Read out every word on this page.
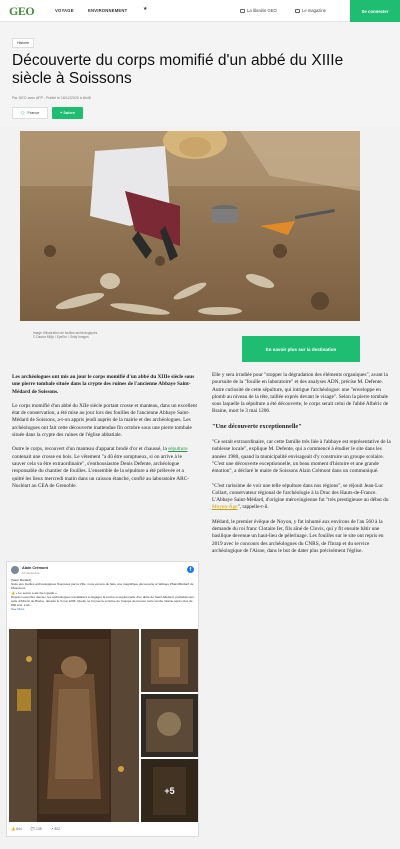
GEO	VOYAGE	ENVIRONNEMENT	★	La librairie GEO	Le magazine	Se connecter
Histoire
Découverte du corps momifié d'un abbé du XIIIe siècle à Soissons
Par GEO avec AFP - Publié le 18/12/2020 à 8h46
◇ France	+ Suivre
Image d'illustration de fouilles archéologiques.
© Dasica Milijo / EyeEm / Getty Images
En savoir plus sur la destination

Les archéologues ont mis au jour le corps momifié d'un abbé du XIIIe siècle sous une pierre tombale située dans la crypte des ruines de l'ancienne Abbaye Saint-Médard de Soissons.

Le corps momifié d'un abbé du XIIe siècle portant crosse et manteau, dans un excellent état de conservation, a été mise au jour lors des fouilles de l'ancienne Abbaye Saint-Médard de Soissons, a-t-on appris jeudi auprès de la mairie et des archéologues. Les archéologues ont fait cette découverte inattendue fin octobre sous une pierre tombale située dans la crypte des ruines de l'église abbatiale.

Outre le corps, recouvert d'un manteau d'apparat brodé d'or et chaussé, la sépulture contenait une crosse en bois. Le vêtement "a dû être somptueux, si on arrive à le sauver cela va être extraordinaire", s'enthousiasme Denis Defente, archéologue responsable du chantier de fouilles. L'ensemble de la sépulture a été prélevée et a quitté les lieux mercredi matin dans un caisson étanche, confié au laboratoire ARC-Nucléart au CEA de Grenoble.

Alain Crémont
10 décembre
f
[Saint Médard]
Suite aux fouilles archéologiques financées par la Ville, nous venons de faire une magnifique découverte à l'abbaye #SaintMédard de #Soissons.
👍 « Le secret a été bien gardé »
Depuis novembre dernier, les archéologues travaillaient à dégager la tombe exceptionnelle d'un abbé de Saint-Médard, probablement celle d'Albéric de Braine, décédé le 3 mai 1206. Quelle ne fut pas la surprise de l'équipe de trouver cette tombe intacte après plus de 800 ans. L'ab...
See More
+5
👍 844	💬 138	↗ 802

Elle y sera irradiée pour "stopper la dégradation des éléments organiques", avant la poursuite de la "fouille en laboratoire" et des analyses ADN, précise M. Defente. Autre curiosité de cette sépulture, qui intrigue l'archéologue: une "enveloppe en plomb au niveau de la tête, taillée exprès devant le visage". Selon la pierre tombale sous laquelle la sépulture a été découverte, le corps serait celui de l'abbé Albéric de Braine, mort le 3 mai 1206.

"Une découverte exceptionnelle"

"Ce serait extraordinaire, car cette famille très liée à l'abbaye est représentative de la noblesse locale", explique M. Defente, qui a commencé à étudier le site dans les années 1980, quand la municipalité envisageait d'y construire un groupe scolaire. "C'est une découverte exceptionnelle, un beau moment d'histoire et une grande émotion", a déclaré le maire de Soissons Alain Crémont dans un communiqué.

"C'est rarissime de voir une telle sépulture dans nos régions", se réjouit Jean-Luc Collart, conservateur régional de l'archéologie à la Drac des Hauts-de-France. L'Abbaye Saint-Médard, d'origine mérovingienne fut "très prestigieuse au début du Moyen-Âge", rappelle-t-il.

Médard, le premier évêque de Noyon, y fut inhumé aux environs de l'an 560 à la demande du roi franc Clotaire Ier, fils aîné de Clovis, qui y fit ensuite bâtir une basilique devenue un haut-lieu de pèlerinage. Les fouilles sur le site ont repris en 2019 avec le concours des archéologues du CNRS, de l'Inrap et du service archéologique de l'Aisne, dans le but de dater plus précisément l'église.
